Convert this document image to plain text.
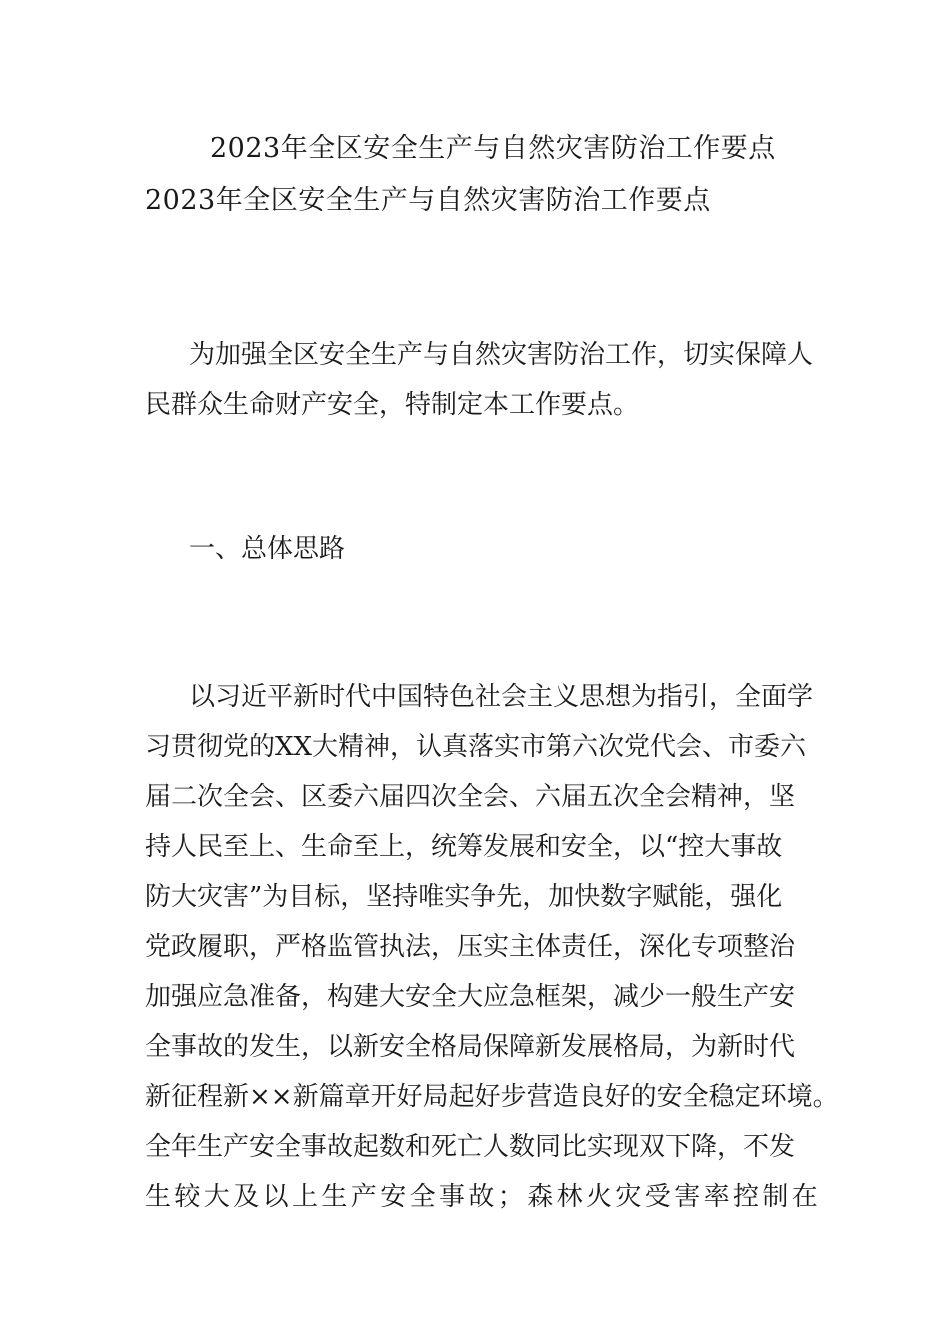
2023年全区安全生产与自然灾害防治工作要点
2023年全区安全生产与自然灾害防治工作要点
为加强全区安全生产与自然灾害防治工作，切实保障人
民群众生命财产安全，特制定本工作要点。
一、总体思路
以习近平新时代中国特色社会主义思想为指引，全面学
习贯彻党的XX大精神，认真落实市第六次党代会、市委六
届二次全会、区委六届四次全会、六届五次全会精神，坚
持人民至上、生命至上，统筹发展和安全，以“控大事故
防大灾害”为目标，坚持唯实争先，加快数字赋能，强化
党政履职，严格监管执法，压实主体责任，深化专项整治
加强应急准备，构建大安全大应急框架，减少一般生产安
全事故的发生，以新安全格局保障新发展格局，为新时代
新征程新××新篇章开好局起好步营造良好的安全稳定环境。
全年生产安全事故起数和死亡人数同比实现双下降，不发
生较大及以上生产安全事故；森林火灾受害率控制在
